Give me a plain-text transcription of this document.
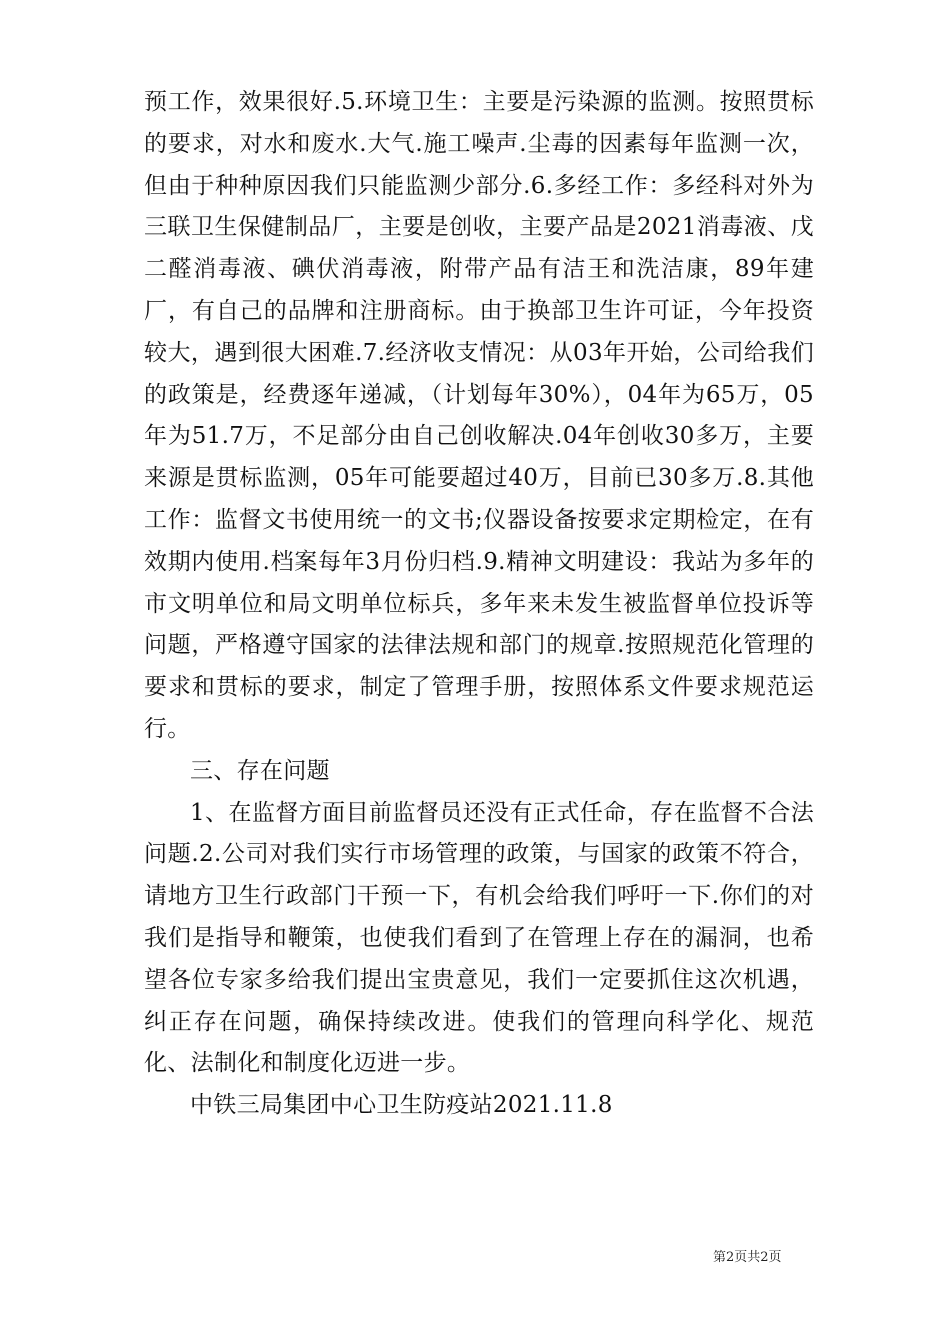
预工作，效果很好.5.环境卫生：主要是污染源的监测。按照贯标的要求，对水和废水.大气.施工噪声.尘毒的因素每年监测一次，但由于种种原因我们只能监测少部分.6.多经工作：多经科对外为三联卫生保健制品厂，主要是创收，主要产品是2021消毒液、戊二醛消毒液、碘伏消毒液，附带产品有洁王和洗洁康，89年建厂，有自己的品牌和注册商标。由于换部卫生许可证，今年投资较大，遇到很大困难.7.经济收支情况：从03年开始，公司给我们的政策是，经费逐年递减，（计划每年30%），04年为65万，05年为51.7万，不足部分由自己创收解决.04年创收30多万，主要来源是贯标监测，05年可能要超过40万，目前已30多万.8.其他工作：监督文书使用统一的文书;仪器设备按要求定期检定，在有效期内使用.档案每年3月份归档.9.精神文明建设：我站为多年的市文明单位和局文明单位标兵，多年来未发生被监督单位投诉等问题，严格遵守国家的法律法规和部门的规章.按照规范化管理的要求和贯标的要求，制定了管理手册，按照体系文件要求规范运行。

三、存在问题

1、在监督方面目前监督员还没有正式任命，存在监督不合法问题.2.公司对我们实行市场管理的政策，与国家的政策不符合，请地方卫生行政部门干预一下，有机会给我们呼吁一下.你们的对我们是指导和鞭策，也使我们看到了在管理上存在的漏洞，也希望各位专家多给我们提出宝贵意见，我们一定要抓住这次机遇，纠正存在问题，确保持续改进。使我们的管理向科学化、规范化、法制化和制度化迈进一步。

中铁三局集团中心卫生防疫站2021.11.8

第2页共2页
